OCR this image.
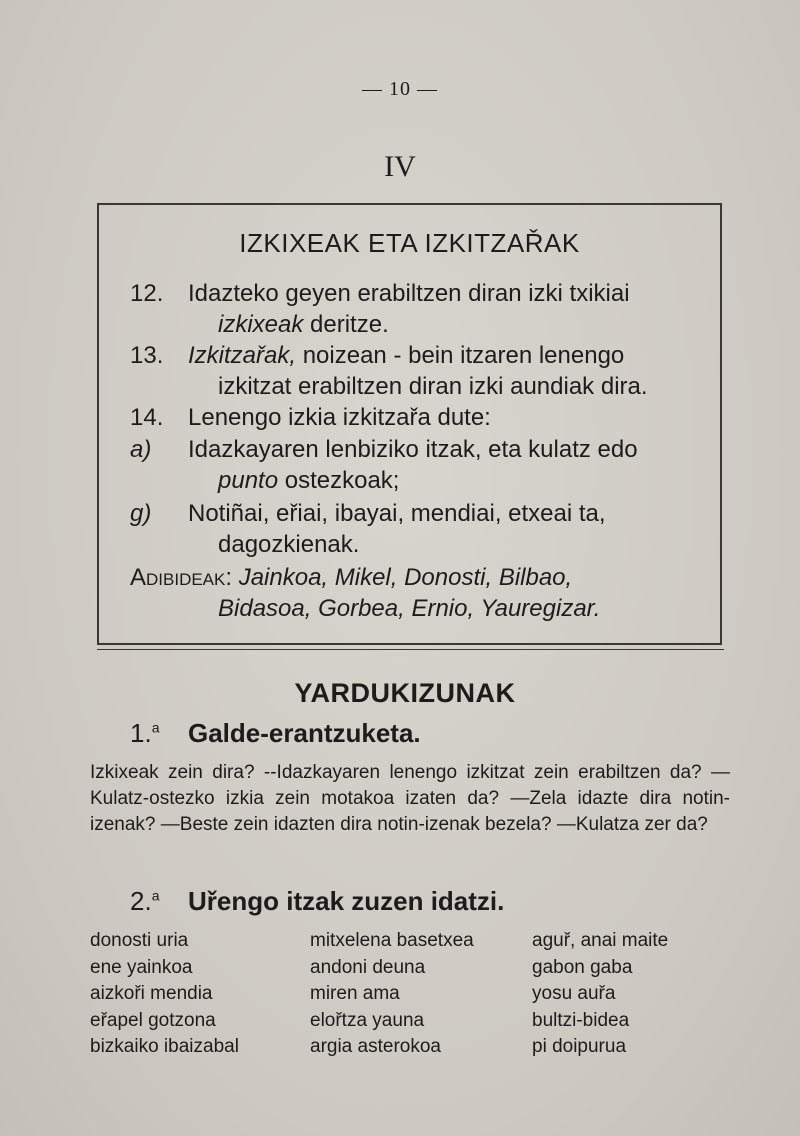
— 10 —
IV
IZKIXEAK ETA IZKITZAŘAK
12. Idazteko geyen erabiltzen diran izki txikiai
izkixeak deritze.
13. Izkitzařak, noizean - bein itzaren lenengo
izkitzat erabiltzen diran izki aundiak dira.
14. Lenengo izkia izkitzařa dute:
a) Idazkayaren lenbiziko itzak, eta kulatz edo
punto ostezkoak;
g) Notiñai, eřiai, ibayai, mendiai, etxeai ta,
dagozkienak.
Adibideak: Jainkoa, Mikel, Donosti, Bilbao,
Bidasoa, Gorbea, Ernio, Yauregizar.
YARDUKIZUNAK
1.$^a$ Galde-erantzuketa.
Izkixeak zein dira? --Idazkayaren lenengo izkitzat zein erabiltzen da? —Kulatz-ostezko izkia zein motakoa izaten da? —Zela idazte dira notin-izenak? —Beste zein idazten dira notin-izenak bezela? —Kulatza zer da?
2.$^a$ Uřengo itzak zuzen idatzi.
donosti uria
ene yainkoa
aizkoři mendia
eřapel gotzona
bizkaiko ibaizabal
mitxelena basetxea
andoni deuna
miren ama
elořtza yauna
argia asterokoa
aguř, anai maite
gabon gaba
yosu auřa
bultzi-bidea
pi doipurua
